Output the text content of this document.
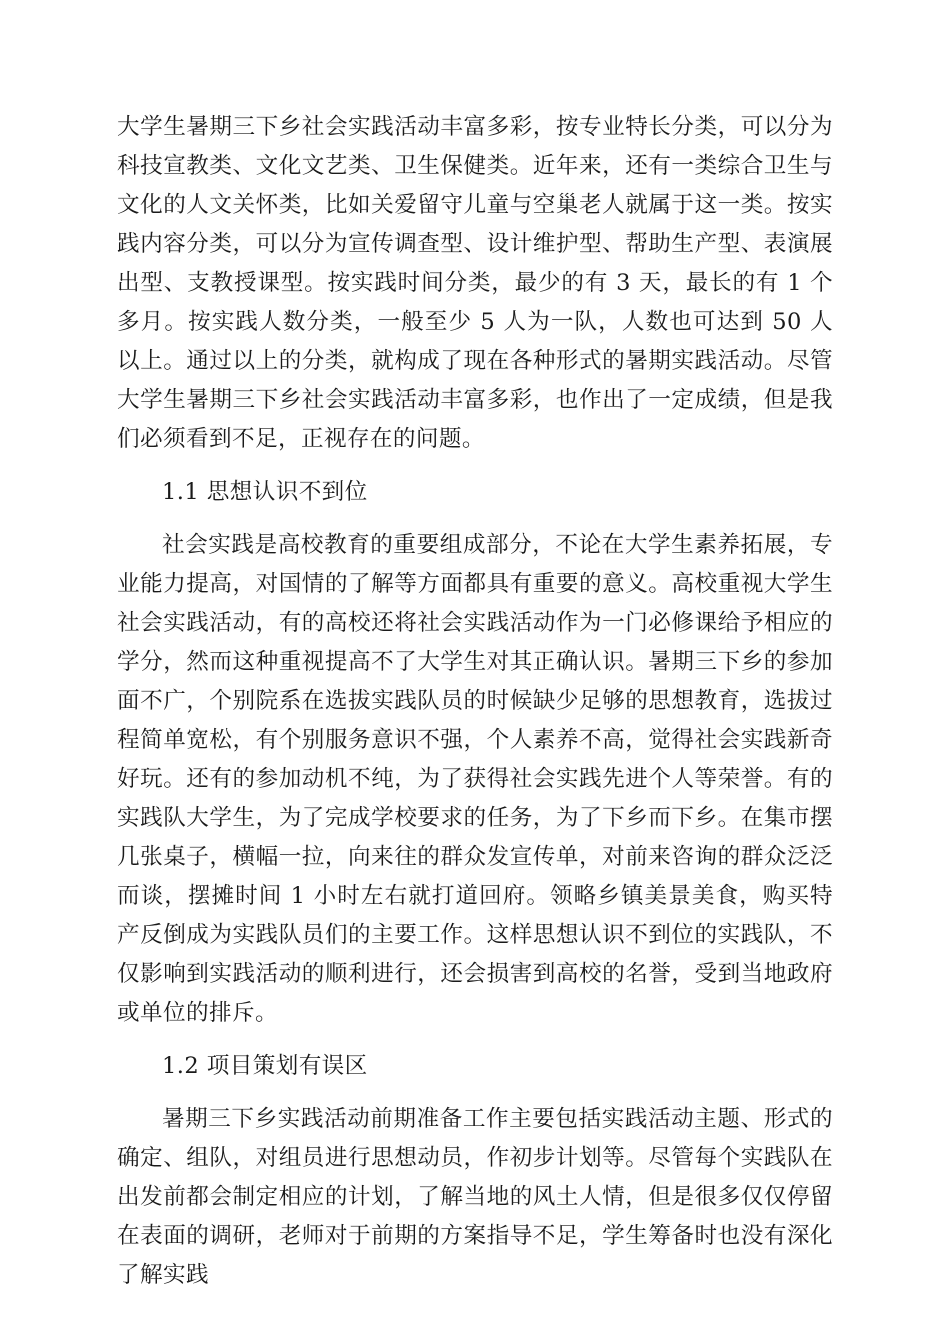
大学生暑期三下乡社会实践活动丰富多彩，按专业特长分类，可以分为科技宣教类、文化文艺类、卫生保健类。近年来，还有一类综合卫生与文化的人文关怀类，比如关爱留守儿童与空巢老人就属于这一类。按实践内容分类，可以分为宣传调查型、设计维护型、帮助生产型、表演展出型、支教授课型。按实践时间分类，最少的有 3 天，最长的有 1 个多月。按实践人数分类，一般至少 5 人为一队，人数也可达到 50 人以上。通过以上的分类，就构成了现在各种形式的暑期实践活动。尽管大学生暑期三下乡社会实践活动丰富多彩，也作出了一定成绩，但是我们必须看到不足，正视存在的问题。

1.1 思想认识不到位

社会实践是高校教育的重要组成部分，不论在大学生素养拓展，专业能力提高，对国情的了解等方面都具有重要的意义。高校重视大学生社会实践活动，有的高校还将社会实践活动作为一门必修课给予相应的学分，然而这种重视提高不了大学生对其正确认识。暑期三下乡的参加面不广，个别院系在选拔实践队员的时候缺少足够的思想教育，选拔过程简单宽松，有个别服务意识不强，个人素养不高，觉得社会实践新奇好玩。还有的参加动机不纯，为了获得社会实践先进个人等荣誉。有的实践队大学生，为了完成学校要求的任务，为了下乡而下乡。在集市摆几张桌子，横幅一拉，向来往的群众发宣传单，对前来咨询的群众泛泛而谈，摆摊时间 1 小时左右就打道回府。领略乡镇美景美食，购买特产反倒成为实践队员们的主要工作。这样思想认识不到位的实践队，不仅影响到实践活动的顺利进行，还会损害到高校的名誉，受到当地政府或单位的排斥。

1.2 项目策划有误区

暑期三下乡实践活动前期准备工作主要包括实践活动主题、形式的确定、组队，对组员进行思想动员，作初步计划等。尽管每个实践队在出发前都会制定相应的计划，了解当地的风土人情，但是很多仅仅停留在表面的调研，老师对于前期的方案指导不足，学生筹备时也没有深化了解实践
